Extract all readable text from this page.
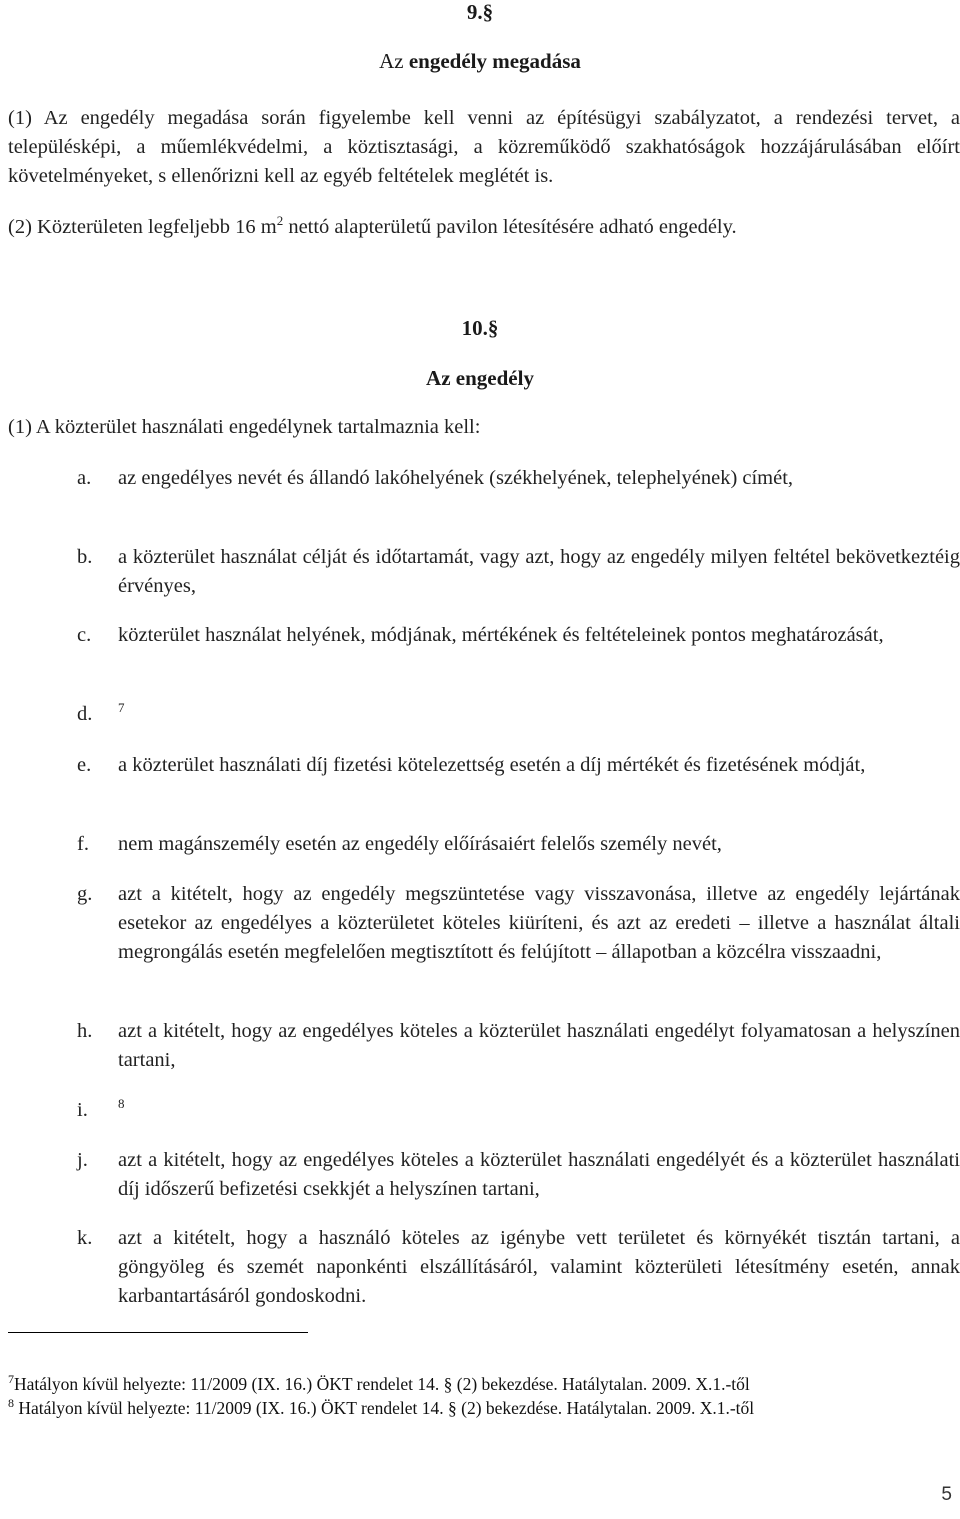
9.§
Az engedély megadása
(1) Az engedély megadása során figyelembe kell venni az építésügyi szabályzatot, a rendezési tervet, a településképi, a műemlékvédelmi, a köztisztasági, a közreműködő szakhatóságok hozzájárulásában előírt követelményeket, s ellenőrizni kell az egyéb feltételek meglétét is.
(2) Közterületen legfeljebb 16 $m^2$ nettó alapterületű pavilon létesítésére adható engedély.
10.§
Az engedély
(1) A közterület használati engedélynek tartalmaznia kell:
a.	az engedélyes nevét és állandó lakóhelyének (székhelyének, telephelyének) címét,
b.	a közterület használat célját és időtartamát, vagy azt, hogy az engedély milyen feltétel bekövetkeztéig érvényes,
c.	közterület használat helyének, módjának, mértékének és feltételeinek pontos meghatározását,
d.	$^7$
e.	a közterület használati díj fizetési kötelezettség esetén a díj mértékét és fizetésének módját,
f.	nem magánszemély esetén az engedély előírásaiért felelős személy nevét,
g.	azt a kitételt, hogy az engedély megszüntetése vagy visszavonása, illetve az engedély lejártának esetekor az engedélyes a közterületet köteles kiüríteni, és azt az eredeti – illetve a használat általi megrongálás esetén megfelelően megtisztított és felújított – állapotban a közcélra visszaadni,
h.	azt a kitételt, hogy az engedélyes köteles a közterület használati engedélyt folyamatosan a helyszínen tartani,
i.	$^8$
j.	azt a kitételt, hogy az engedélyes köteles a közterület használati engedélyét és a közterület használati díj időszerű befizetési csekkjét a helyszínen tartani,
k.	azt a kitételt, hogy a használó köteles az igénybe vett területet és környékét tisztán tartani, a göngyöleg és szemét naponkénti elszállításáról, valamint közterületi létesítmény esetén, annak karbantartásáról gondoskodni.
$^7$Hatályon kívül helyezte: 11/2009 (IX. 16.) ÖKT rendelet 14. § (2) bekezdése. Hatálytalan. 2009. X.1.-től
$^8$ Hatályon kívül helyezte: 11/2009 (IX. 16.) ÖKT rendelet 14. § (2) bekezdése. Hatálytalan. 2009. X.1.-től
5
